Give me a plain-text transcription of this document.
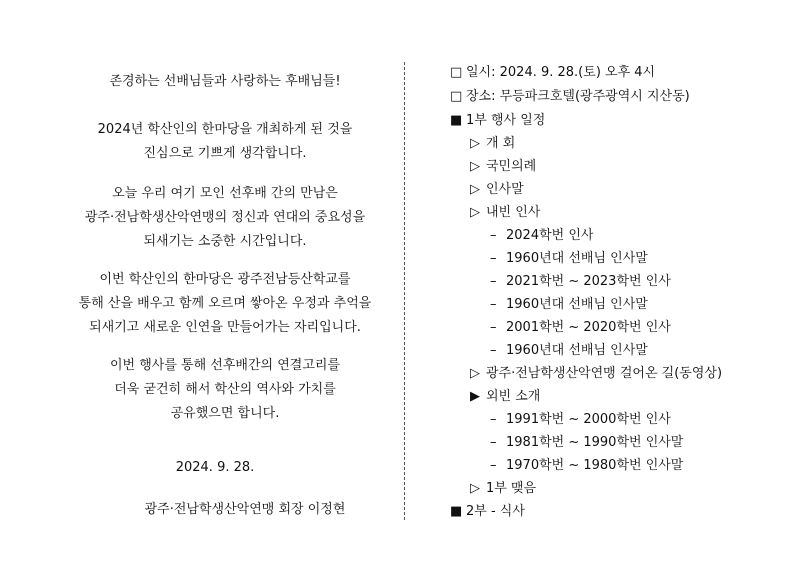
존경하는 선배님들과 사랑하는 후배님들!
2024년 학산인의 한마당을 개최하게 된 것을
진심으로 기쁘게 생각합니다.
오늘 우리 여기 모인 선후배 간의 만남은
광주·전남학생산악연맹의 정신과 연대의 중요성을
되새기는 소중한 시간입니다.
이번 학산인의 한마당은 광주전남등산학교를
통해 산을 배우고 함께 오르며 쌓아온 우정과 추억을
되새기고 새로운 인연을 만들어가는 자리입니다.
이번 행사를 통해 선후배간의 연결고리를
더욱 굳건히 해서 학산의 역사와 가치를
공유했으면 합니다.
2024. 9. 28.
광주·전남학생산악연맹 회장 이정현
□ 일시: 2024. 9. 28.(토) 오후 4시
□ 장소: 무등파크호텔(광주광역시 지산동)
■ 1부 행사 일정
▷ 개 회
▷ 국민의례
▷ 인사말
▷ 내빈 인사
– 2024학번 인사
– 1960년대 선배님 인사말
– 2021학번 ~ 2023학번 인사
– 1960년대 선배님 인사말
– 2001학번 ~ 2020학번 인사
– 1960년대 선배님 인사말
▷ 광주·전남학생산악연맹 걸어온 길(동영상)
▶ 외빈 소개
– 1991학번 ~ 2000학번 인사
– 1981학번 ~ 1990학번 인사말
– 1970학번 ~ 1980학번 인사말
▷ 1부 맺음
■ 2부 - 식사
